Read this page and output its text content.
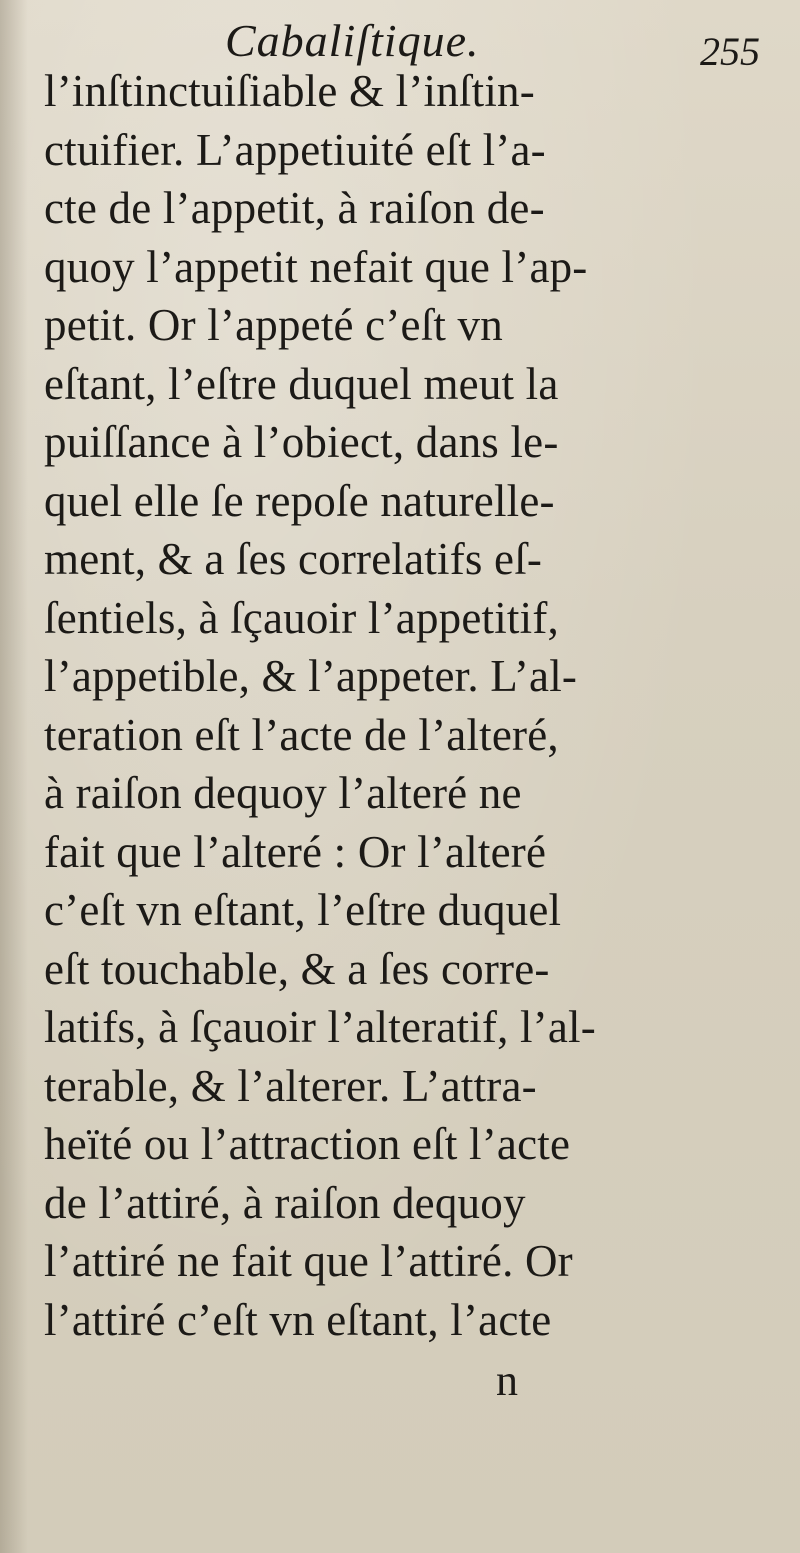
Cabaliſtique.	255
l’inſtinctuiſiable & l’inſtin-
ctuifier. L’appetiuité eſt l’a-
cte de l’appetit, à raiſon de-
quoy l’appetit nefait que l’ap-
petit. Or l’appeté c’eſt vn
eſtant, l’eſtre duquel meut la
puiſſance à l’obiect, dans le-
quel elle ſe repoſe naturelle-
ment, & a ſes correlatifs eſ-
ſentiels, à ſçauoir l’appetitif,
l’appetible, & l’appeter. L’al-
teration eſt l’acte de l’alteré,
à raiſon dequoy l’alteré ne
fait que l’alteré : Or l’alteré
c’eſt vn eſtant, l’eſtre duquel
eſt touchable, & a ſes corre-
latifs, à ſçauoir l’alteratif, l’al-
terable, & l’alterer. L’attra-
heïté ou l’attraction eſt l’acte
de l’attiré, à raiſon dequoy
l’attiré ne fait que l’attiré. Or
l’attiré c’eſt vn eſtant, l’acte
n
